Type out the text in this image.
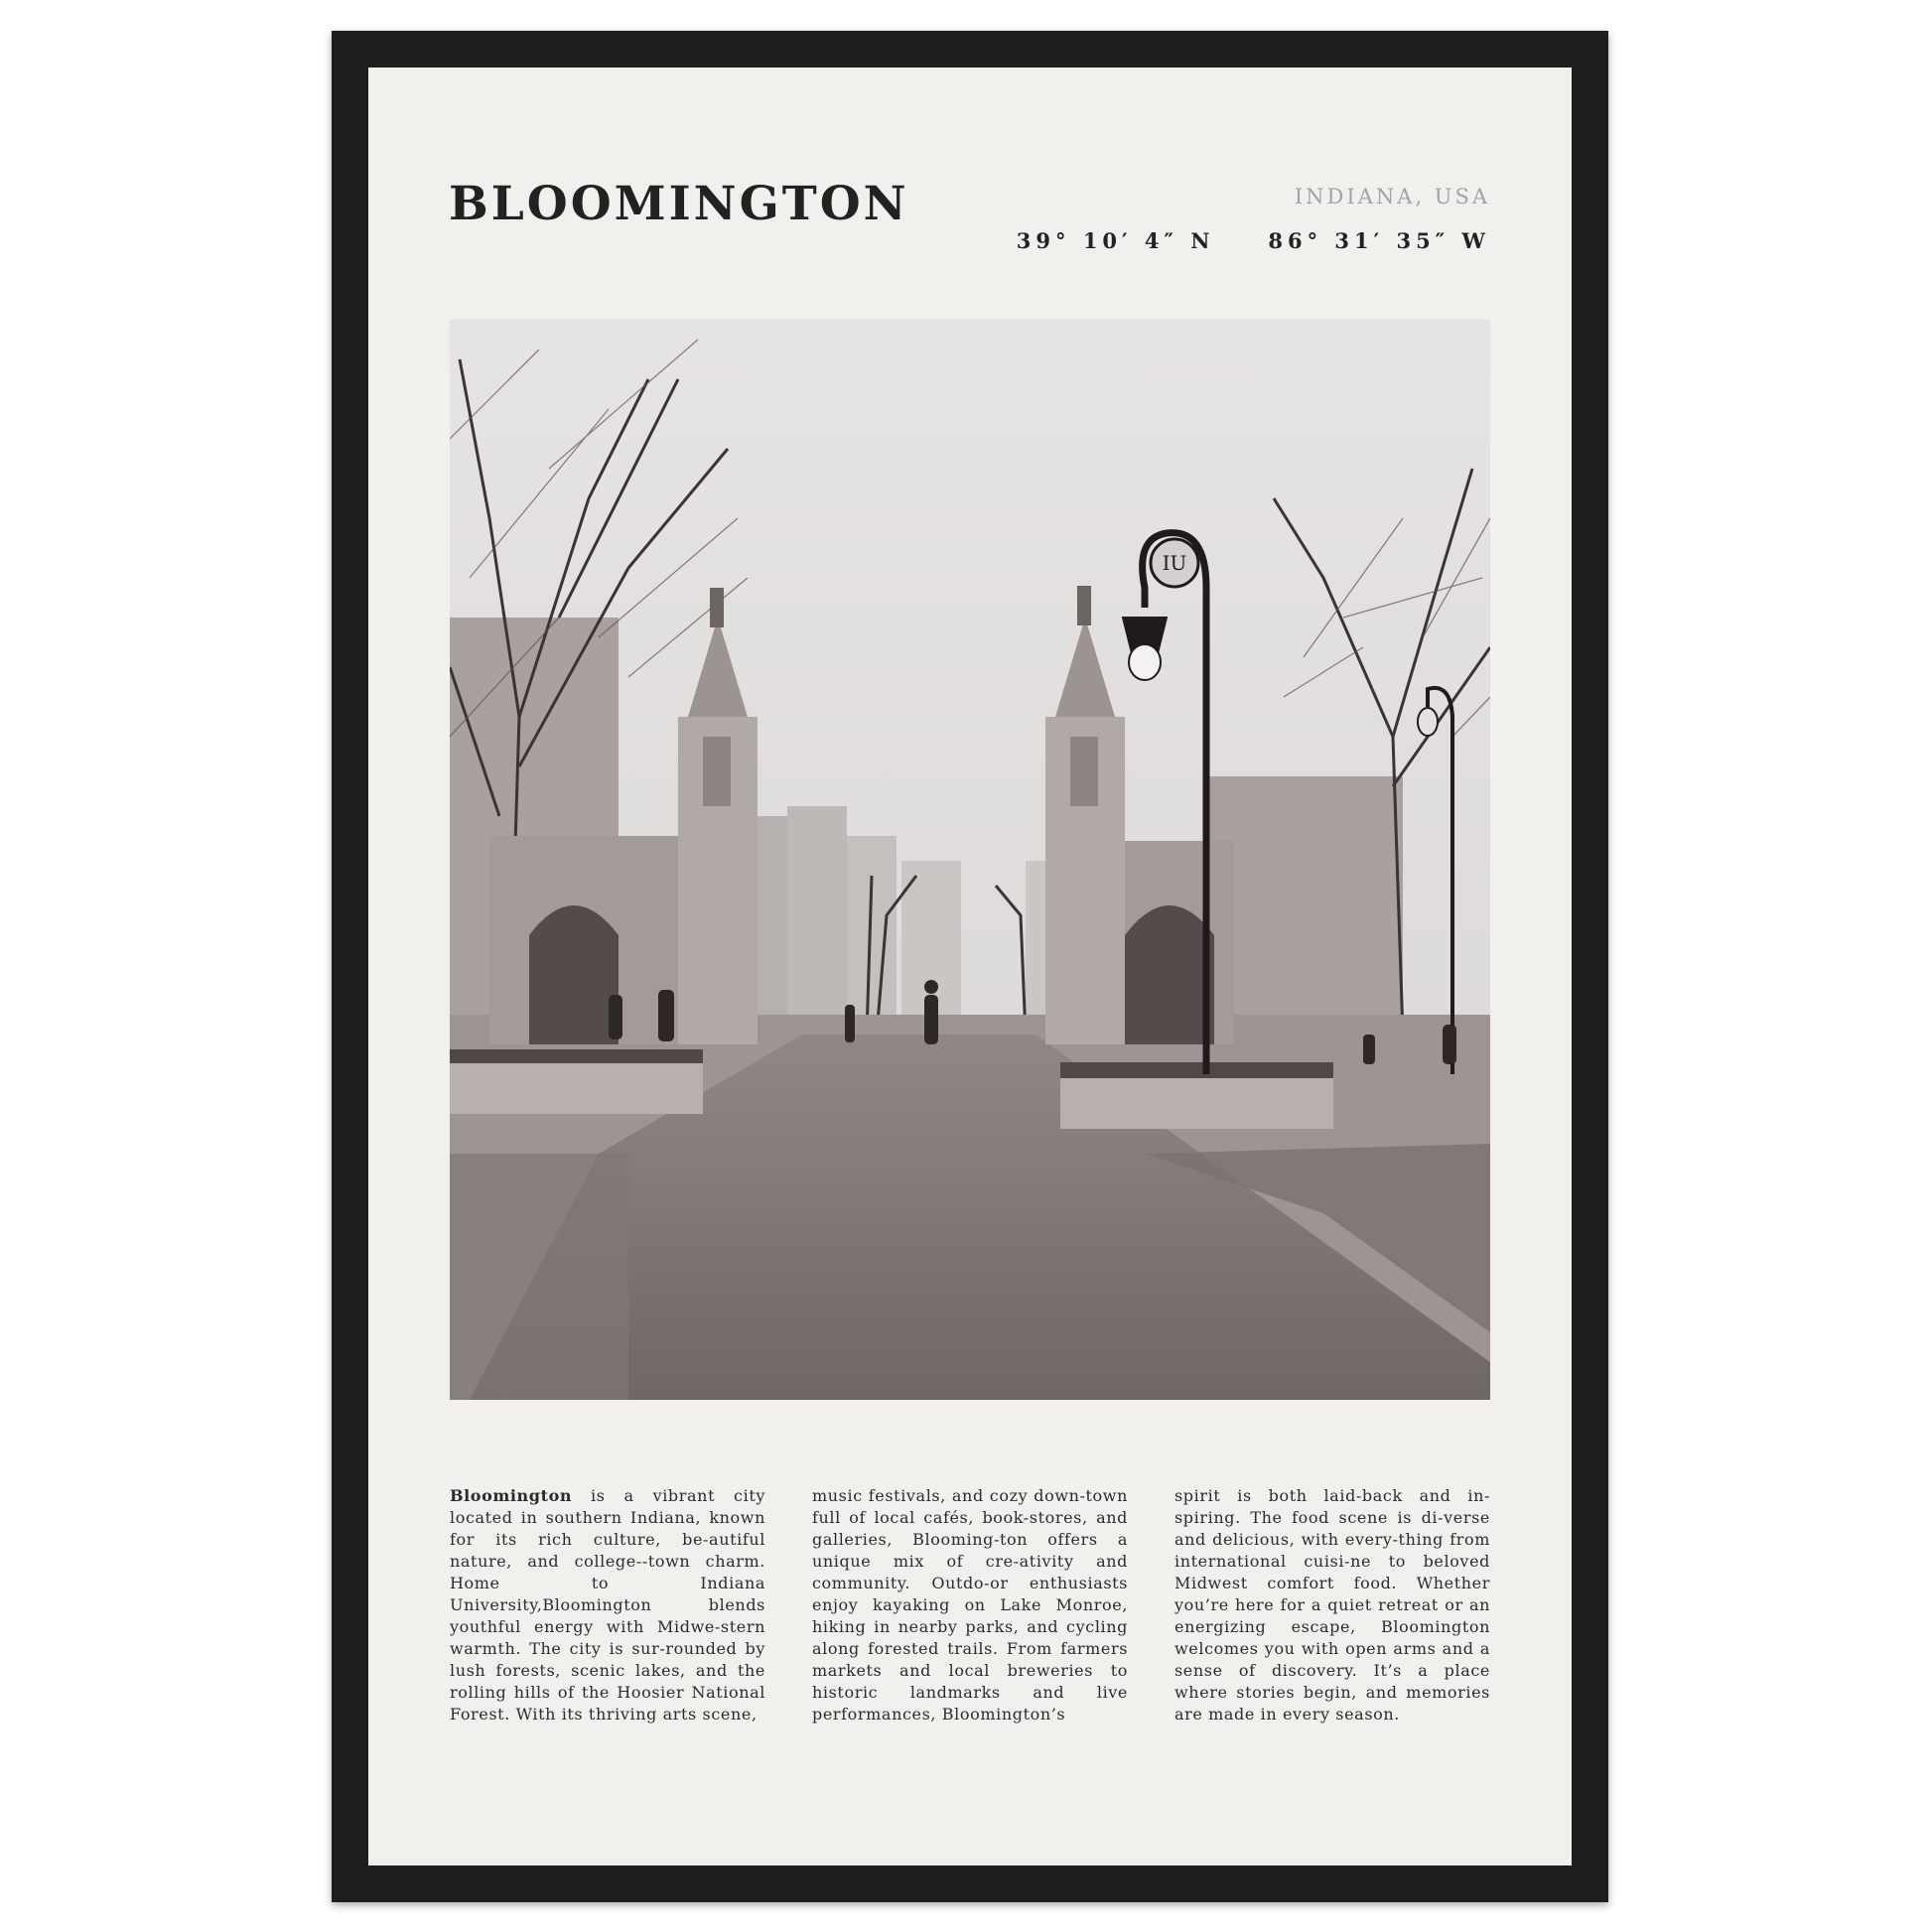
BLOOMINGTON	INDIANA, USA
39° 10′ 4″ N	86° 31′ 35″ W
IU

Bloomington is a vibrant city located in southern Indiana, known for its rich culture, be-autiful nature, and college--town charm. Home to Indiana University,Bloomington blends youthful energy with Midwe-stern warmth. The city is sur-rounded by lush forests, scenic lakes, and the rolling hills of the Hoosier National Forest. With its thriving arts scene,

music festivals, and cozy down-town full of local cafés, book-stores, and galleries, Blooming-ton offers a unique mix of cre-ativity and community. Outdo-or enthusiasts enjoy kayaking on Lake Monroe, hiking in nearby parks, and cycling along forested trails. From farmers markets and local breweries to historic landmarks and live performances, Bloomington’s

spirit is both laid-back and in-spiring. The food scene is di-verse and delicious, with every-thing from international cuisi-ne to beloved Midwest comfort food. Whether you’re here for a quiet retreat or an energizing escape, Bloomington welcomes you with open arms and a sense of discovery. It’s a place where stories begin, and memories are made in every season.
